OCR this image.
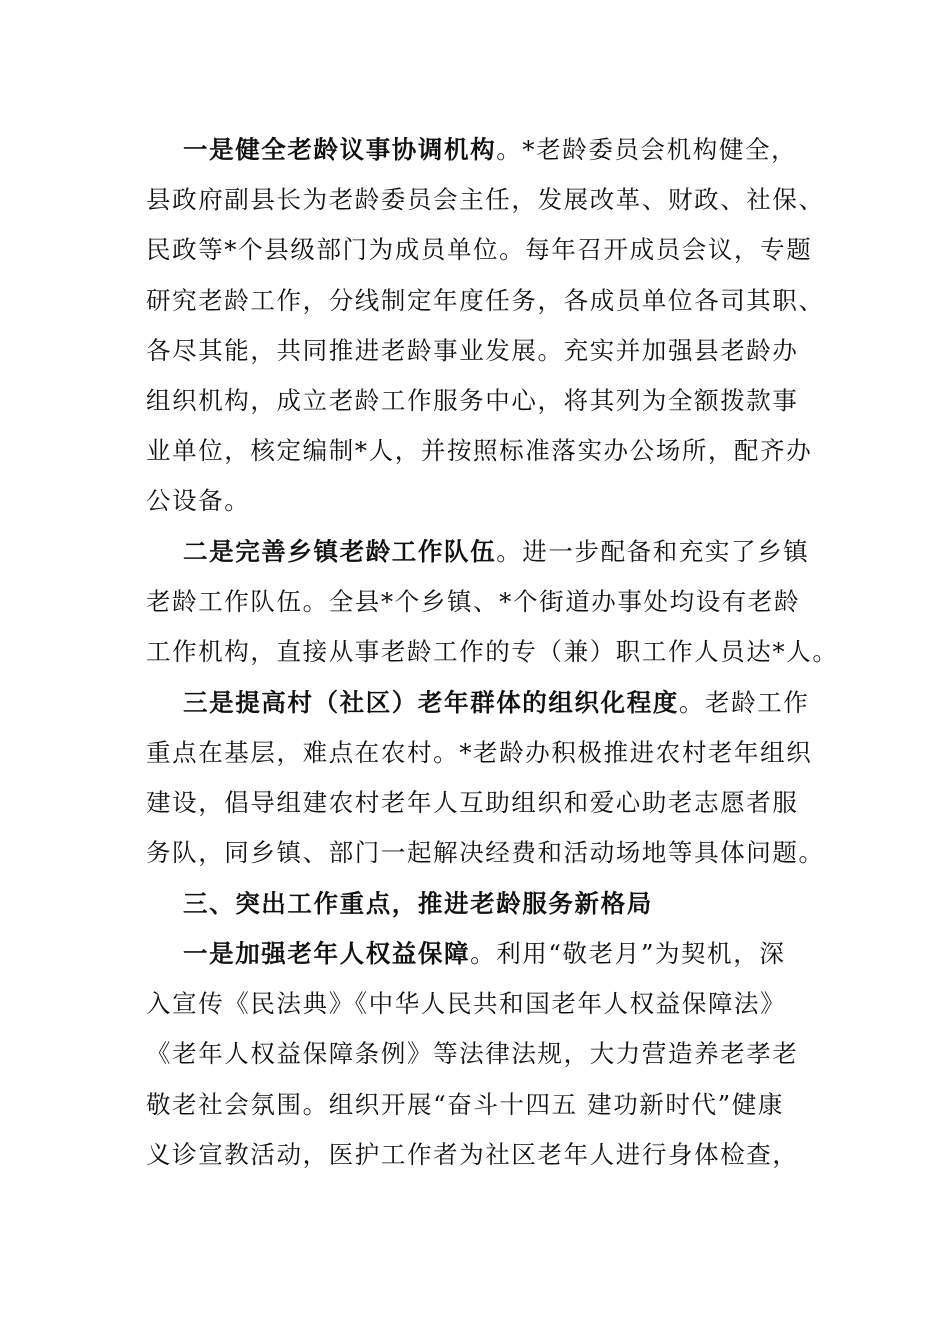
一是健全老龄议事协调机构。*老龄委员会机构健全，
县政府副县长为老龄委员会主任，发展改革、财政、社保、
民政等*个县级部门为成员单位。每年召开成员会议，专题
研究老龄工作，分线制定年度任务，各成员单位各司其职、
各尽其能，共同推进老龄事业发展。充实并加强县老龄办
组织机构，成立老龄工作服务中心，将其列为全额拨款事
业单位，核定编制*人，并按照标准落实办公场所，配齐办
公设备。
二是完善乡镇老龄工作队伍。进一步配备和充实了乡镇
老龄工作队伍。全县*个乡镇、*个街道办事处均设有老龄
工作机构，直接从事老龄工作的专（兼）职工作人员达*人。
三是提高村（社区）老年群体的组织化程度。老龄工作
重点在基层，难点在农村。*老龄办积极推进农村老年组织
建设，倡导组建农村老年人互助组织和爱心助老志愿者服
务队，同乡镇、部门一起解决经费和活动场地等具体问题。
三、突出工作重点，推进老龄服务新格局
一是加强老年人权益保障。利用“敬老月”为契机，深
入宣传《民法典》《中华人民共和国老年人权益保障法》
《老年人权益保障条例》等法律法规，大力营造养老孝老
敬老社会氛围。组织开展“奋斗十四五 建功新时代”健康
义诊宣教活动，医护工作者为社区老年人进行身体检查，
